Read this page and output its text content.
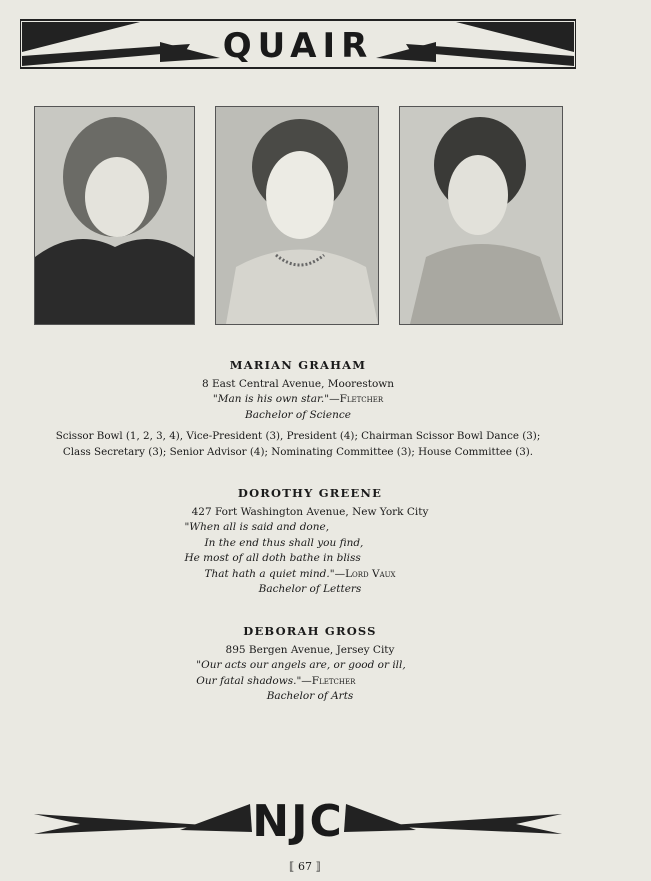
QUAIR
MARIAN GRAHAM
8 East Central Avenue, Moorestown
"Man is his own star."—Fletcher
Bachelor of Science
Scissor Bowl (1, 2, 3, 4), Vice-President (3), President (4); Chairman Scissor Bowl Dance (3);
Class Secretary (3); Senior Advisor (4); Nominating Committee (3); House Committee (3).
DOROTHY GREENE
427 Fort Washington Avenue, New York City
"When all is said and done,
In the end thus shall you find,
He most of all doth bathe in bliss
That hath a quiet mind."—Lord Vaux
Bachelor of Letters
DEBORAH GROSS
895 Bergen Avenue, Jersey City
"Our acts our angels are, or good or ill,
Our fatal shadows."—Fletcher
Bachelor of Arts
NJC
⟦ 67 ⟧
